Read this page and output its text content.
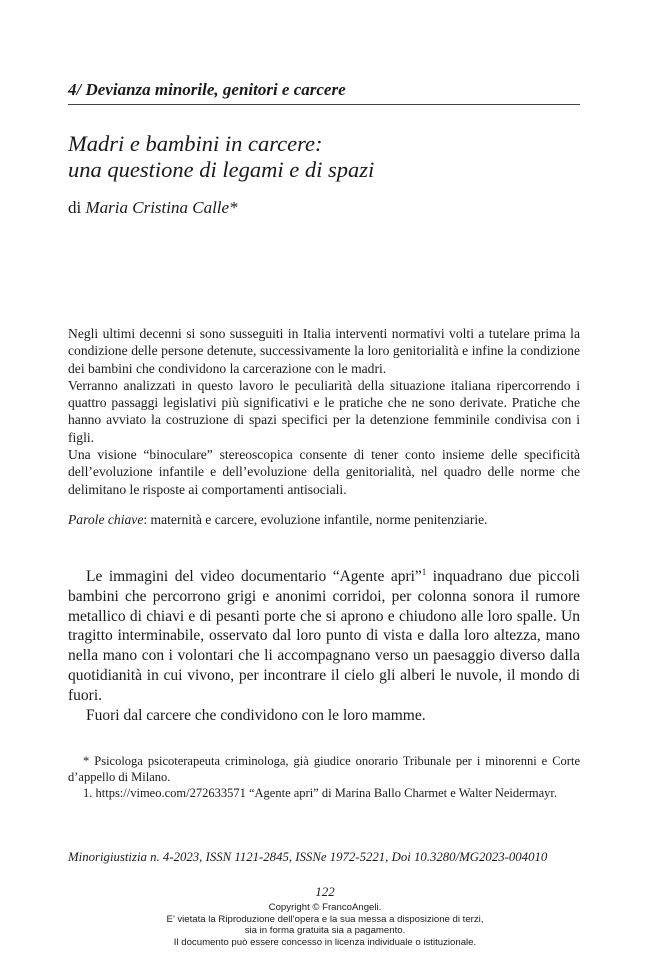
4/ Devianza minorile, genitori e carcere
Madri e bambini in carcere:
una questione di legami e di spazi
di Maria Cristina Calle*

Negli ultimi decenni si sono susseguiti in Italia interventi normativi volti a tutelare prima la condizione delle persone detenute, successivamente la loro genitorialità e infine la condizione dei bambini che condividono la carcerazione con le madri.

Verranno analizzati in questo lavoro le peculiarità della situazione italiana ripercorrendo i quattro passaggi legislativi più significativi e le pratiche che ne sono derivate. Pratiche che hanno avviato la costruzione di spazi specifici per la detenzione femminile condivisa con i figli.

Una visione “binoculare” stereoscopica consente di tener conto insieme delle specificità dell’evoluzione infantile e dell’evoluzione della genitorialità, nel quadro delle norme che delimitano le risposte ai comportamenti antisociali.

Parole chiave: maternità e carcere, evoluzione infantile, norme penitenziarie.

Le immagini del video documentario “Agente apri”$^1$ inquadrano due piccoli bambini che percorrono grigi e anonimi corridoi, per colonna sonora il rumore metallico di chiavi e di pesanti porte che si aprono e chiudono alle loro spalle. Un tragitto interminabile, osservato dal loro punto di vista e dalla loro altezza, mano nella mano con i volontari che li accompagnano verso un paesaggio diverso dalla quotidianità in cui vivono, per incontrare il cielo gli alberi le nuvole, il mondo di fuori.

Fuori dal carcere che condividono con le loro mamme.

* Psicologa psicoterapeuta criminologa, già giudice onorario Tribunale per i minorenni e Corte d’appello di Milano.

1. https://vimeo.com/272633571 “Agente apri” di Marina Ballo Charmet e Walter Neidermayr.

Minorigiustizia n. 4-2023, ISSN 1121-2845, ISSNe 1972-5221, Doi 10.3280/MG2023-004010
122
Copyright © FrancoAngeli.
E’ vietata la Riproduzione dell’opera e la sua messa a disposizione di terzi,
sia in forma gratuita sia a pagamento.
Il documento può essere concesso in licenza individuale o istituzionale.
